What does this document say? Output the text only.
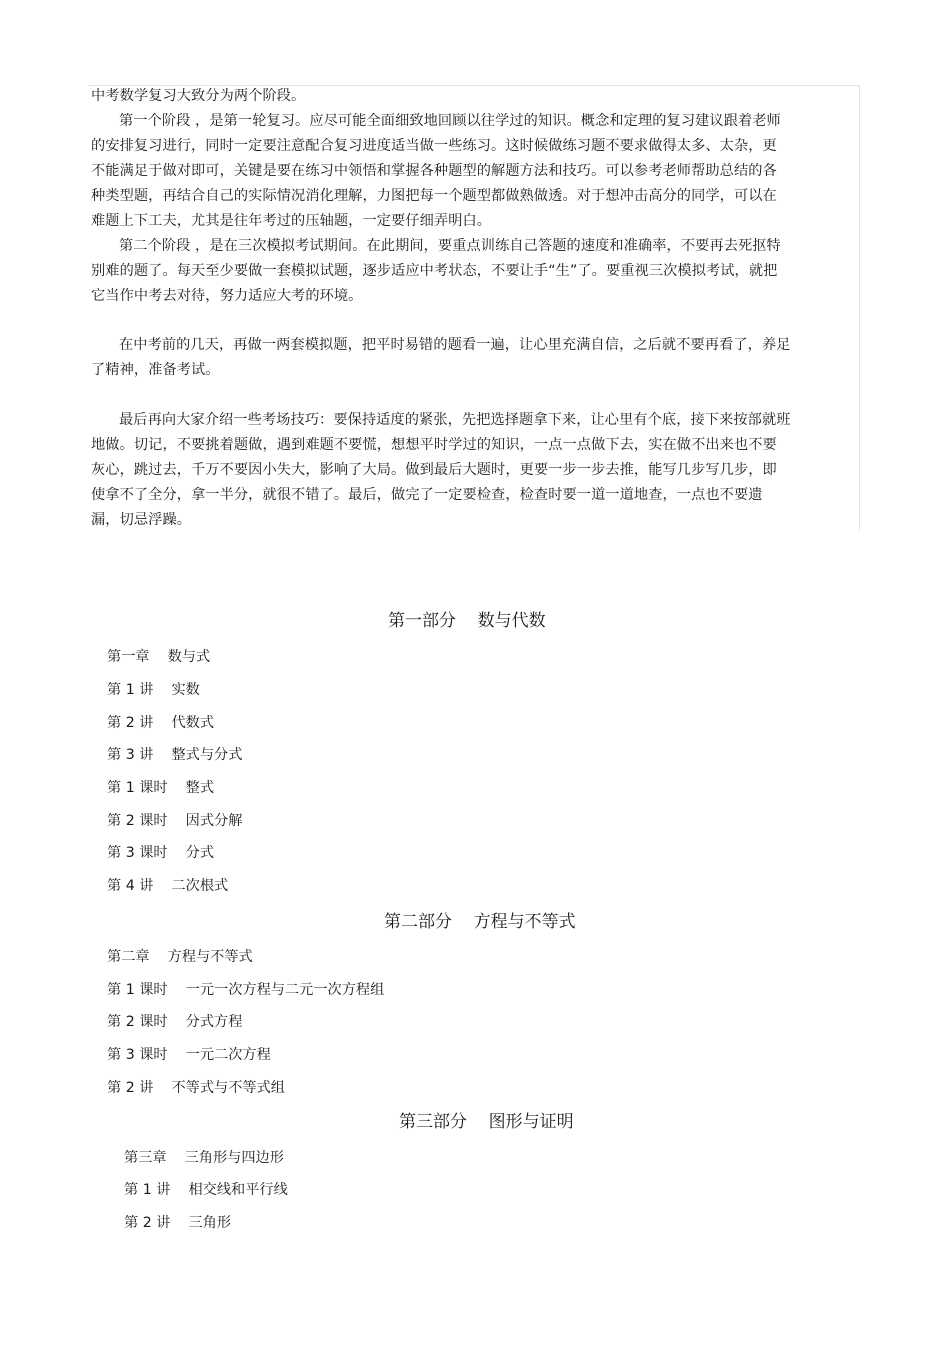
中考数学复习大致分为两个阶段。
第一个阶段 ，是第一轮复习。应尽可能全面细致地回顾以往学过的知识。概念和定理的复习建议跟着老师的安排复习进行，同时一定要注意配合复习进度适当做一些练习。这时候做练习题不要求做得太多、太杂，更不能满足于做对即可，关键是要在练习中领悟和掌握各种题型的解题方法和技巧。可以参考老师帮助总结的各种类型题，再结合自己的实际情况消化理解，力图把每一个题型都做熟做透。对于想冲击高分的同学，可以在难题上下工夫，尤其是往年考过的压轴题，一定要仔细弄明白。
第二个阶段 ，是在三次模拟考试期间。在此期间，要重点训练自己答题的速度和准确率，不要再去死抠特别难的题了。每天至少要做一套模拟试题，逐步适应中考状态，不要让手“生”了。要重视三次模拟考试，就把它当作中考去对待，努力适应大考的环境。
在中考前的几天，再做一两套模拟题，把平时易错的题看一遍，让心里充满自信，之后就不要再看了，养足了精神，准备考试。
最后再向大家介绍一些考场技巧：要保持适度的紧张，先把选择题拿下来，让心里有个底，接下来按部就班地做。切记，不要挑着题做，遇到难题不要慌，想想平时学过的知识，一点一点做下去，实在做不出来也不要灰心，跳过去，千万不要因小失大，影响了大局。做到最后大题时，更要一步一步去推，能写几步写几步，即使拿不了全分，拿一半分，就很不错了。最后，做完了一定要检查，检查时要一道一道地查，一点也不要遗漏，切忌浮躁。
第一部分    数与代数
第一章    数与式
第 1 讲    实数
第 2 讲    代数式
第 3 讲    整式与分式
第 1 课时    整式
第 2 课时    因式分解
第 3 课时    分式
第 4 讲    二次根式
第二部分    方程与不等式
第二章    方程与不等式
第 1 课时    一元一次方程与二元一次方程组
第 2 课时    分式方程
第 3 课时    一元二次方程
第 2 讲    不等式与不等式组
第三部分    图形与证明
第三章    三角形与四边形
第 1 讲    相交线和平行线
第 2 讲    三角形
